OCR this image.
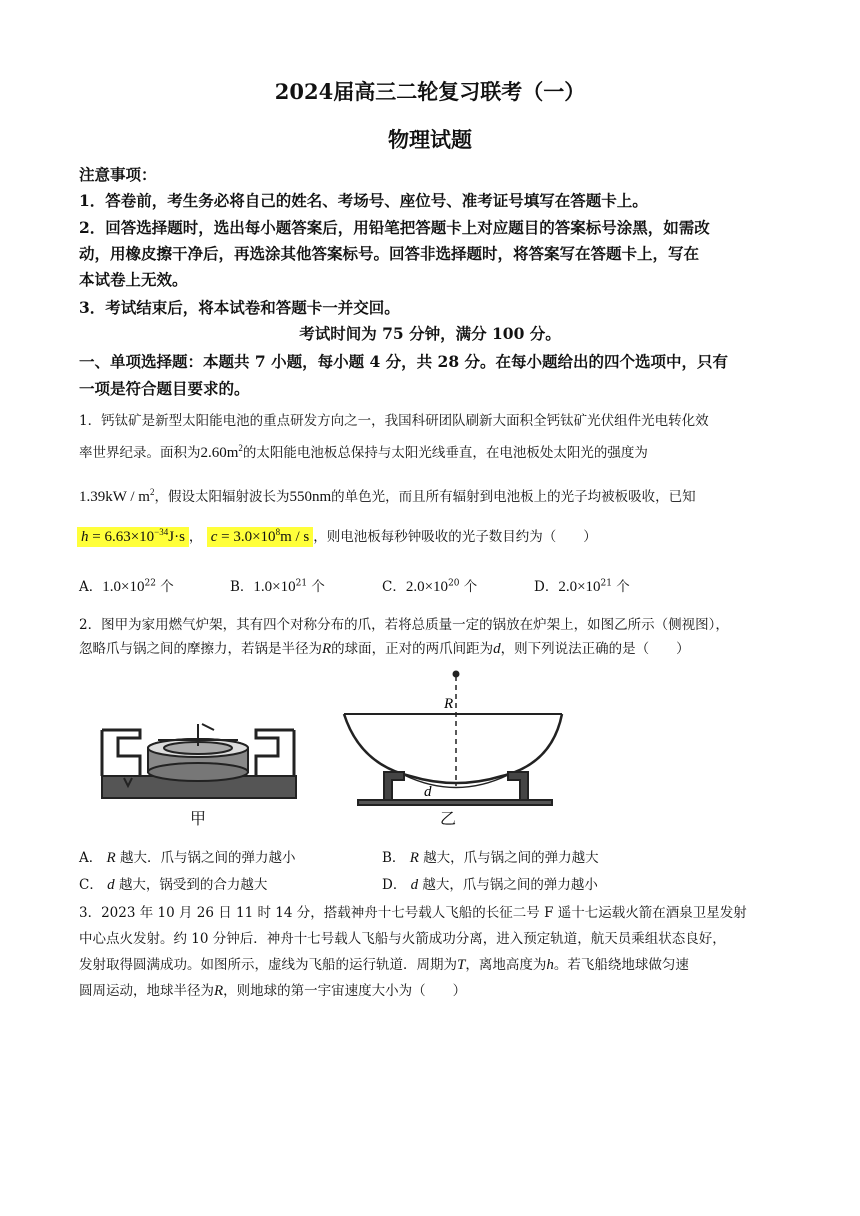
2024届高三二轮复习联考（一）
物理试题
注意事项：
1．答卷前，考生务必将自己的姓名、考场号、座位号、准考证号填写在答题卡上。
2．回答选择题时，选出每小题答案后，用铅笔把答题卡上对应题目的答案标号涂黑，如需改
动，用橡皮擦干净后，再选涂其他答案标号。回答非选择题时，将答案写在答题卡上，写在
本试卷上无效。
3．考试结束后，将本试卷和答题卡一并交回。
考试时间为 75 分钟，满分 100 分。
一、单项选择题：本题共 7 小题，每小题 4 分，共 28 分。在每小题给出的四个选项中，只有
一项是符合题目要求的。
1．钙钛矿是新型太阳能电池的重点研发方向之一，我国科研团队刷新大面积全钙钛矿光伏组件光电转化效
率世界纪录。面积为$2.60m^2$的太阳能电池板总保持与太阳光线垂直，在电池板处太阳光的强度为
$1.39kW / m^2$，假设太阳辐射波长为550nm的单色光，而且所有辐射到电池板上的光子均被板吸收，已知
$h = 6.63\times 10^{-34}J\cdot s$ ， $c = 3.0\times 10^8m / s$ ，则电池板每秒钟吸收的光子数目约为（　　）
A．$1.0\times 10^{22}$ 个	B．$1.0\times 10^{21}$ 个	C．$2.0\times 10^{20}$ 个	D．$2.0\times 10^{21}$ 个
2．图甲为家用燃气炉架，其有四个对称分布的爪，若将总质量一定的锅放在炉架上，如图乙所示（侧视图），
忽略爪与锅之间的摩擦力，若锅是半径为R的球面，正对的两爪间距为d，则下列说法正确的是（　　）
甲
R
d
乙
A． R 越大．爪与锅之间的弹力越小	B． R 越大，爪与锅之间的弹力越大
C． d 越大，锅受到的合力越大	D． d 越大，爪与锅之间的弹力越小
3．2023 年 10 月 26 日 11 时 14 分，搭载神舟十七号载人飞船的长征二号 F 遥十七运载火箭在酒泉卫星发射
中心点火发射。约 10 分钟后．神舟十七号载人飞船与火箭成功分离，进入预定轨道，航天员乘组状态良好，
发射取得圆满成功。如图所示，虚线为飞船的运行轨道．周期为T，离地高度为h。若飞船绕地球做匀速
圆周运动，地球半径为R，则地球的第一宇宙速度大小为（　　）
